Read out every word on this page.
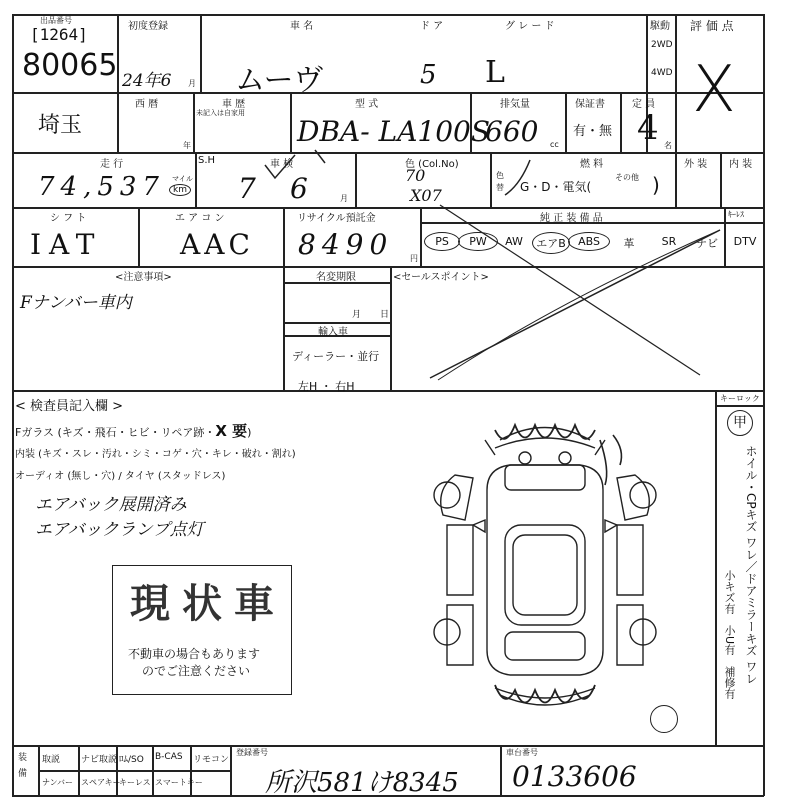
出品番号
[1264]
80065
初度登録
24年6 月
車 名
ムーヴ
ド ア
5
グ レ ー ド
L
駆動
2WD
4WD
評 価 点
X
埼玉
西 暦
年
車 歴
未記入は自家用
型 式
DBA- LA100S
排気量
660 cc
保証書
有・無
定 員
4 名
走 行
74,537 マイル
km
S.H	車 検
7 6	月
色 (Col.No)
70
X07
色替
燃 料
G・D・電気(
その他 )
外 装 内 装
シ フ ト
IAT
エ ア コ ン
AAC
リサイクル預託金
8490 円
純 正 装 備 品	ｷｰﾚｽ
PS	PW	AW	エアB	ABS	革	SR	ナビ	DTV
<注意事項>
Fナンバー車内
名変期限
月 日
輸入車
ディーラー・並行
左H ・ 右H
<セールスポイント>
< 検査員記入欄 >
Fガラス (キズ・飛石・ヒビ・リペア跡・X 要)
内装 (キズ・スレ・汚れ・シミ・コゲ・穴・キレ・破れ・割れ)
オーディオ (無し・穴) / タイヤ (スタッドレス)
エアバック展開済み
エアバックランプ点灯
現状車
不動車の場合もあります
のでご注意ください
キーロック
甲
ホイル・CPキズ ワレ／ドアミラーキズ ワレ
小キズ有　小U有　補修有
装備
取説 ナビ取説 ﾛﾑ/SO B-CAS リモコン
ナンバー スペアキー
キーレス スマートキー
登録番号
所沢581け8345
車台番号
0133606
